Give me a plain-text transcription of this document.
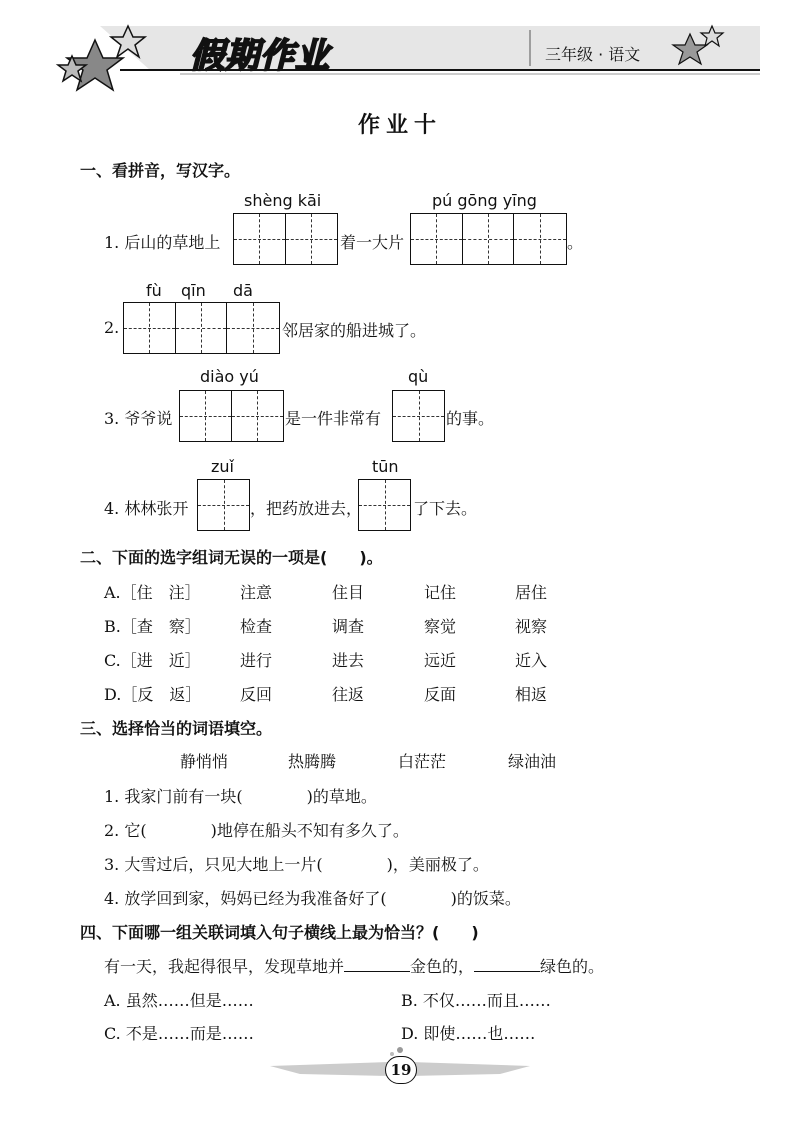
假期作业	三年级 · 语文
作业十
一、看拼音，写汉字。
shèng kāi	pú gōng yīng
1. 后山的草地上	着一大片	。
fù qīn dā
2.	邻居家的船进城了。
diào yú	qù
3. 爷爷说	是一件非常有	的事。
zuǐ	tūn
4. 林林张开	，把药放进去，	了下去。
二、下面的选字组词无误的一项是(　　)。
A.［住　注］ 注意	住目	记住	居住
B.［查　察］ 检查	调查	察觉	视察
C.［进　近］ 进行	进去	远近	近入
D.［反　返］ 反回	往返	反面	相返
三、选择恰当的词语填空。
静悄悄	热腾腾	白茫茫	绿油油
1. 我家门前有一块(　　　　)的草地。
2. 它(　　　　)地停在船头不知有多久了。
3. 大雪过后，只见大地上一片(　　　　)，美丽极了。
4. 放学回到家，妈妈已经为我准备好了(　　　　)的饭菜。
四、下面哪一组关联词填入句子横线上最为恰当？(　　)
有一天，我起得很早，发现草地并	金色的，	绿色的。
A. 虽然……但是……	B. 不仅……而且……
C. 不是……而是……	D. 即使……也……
19
